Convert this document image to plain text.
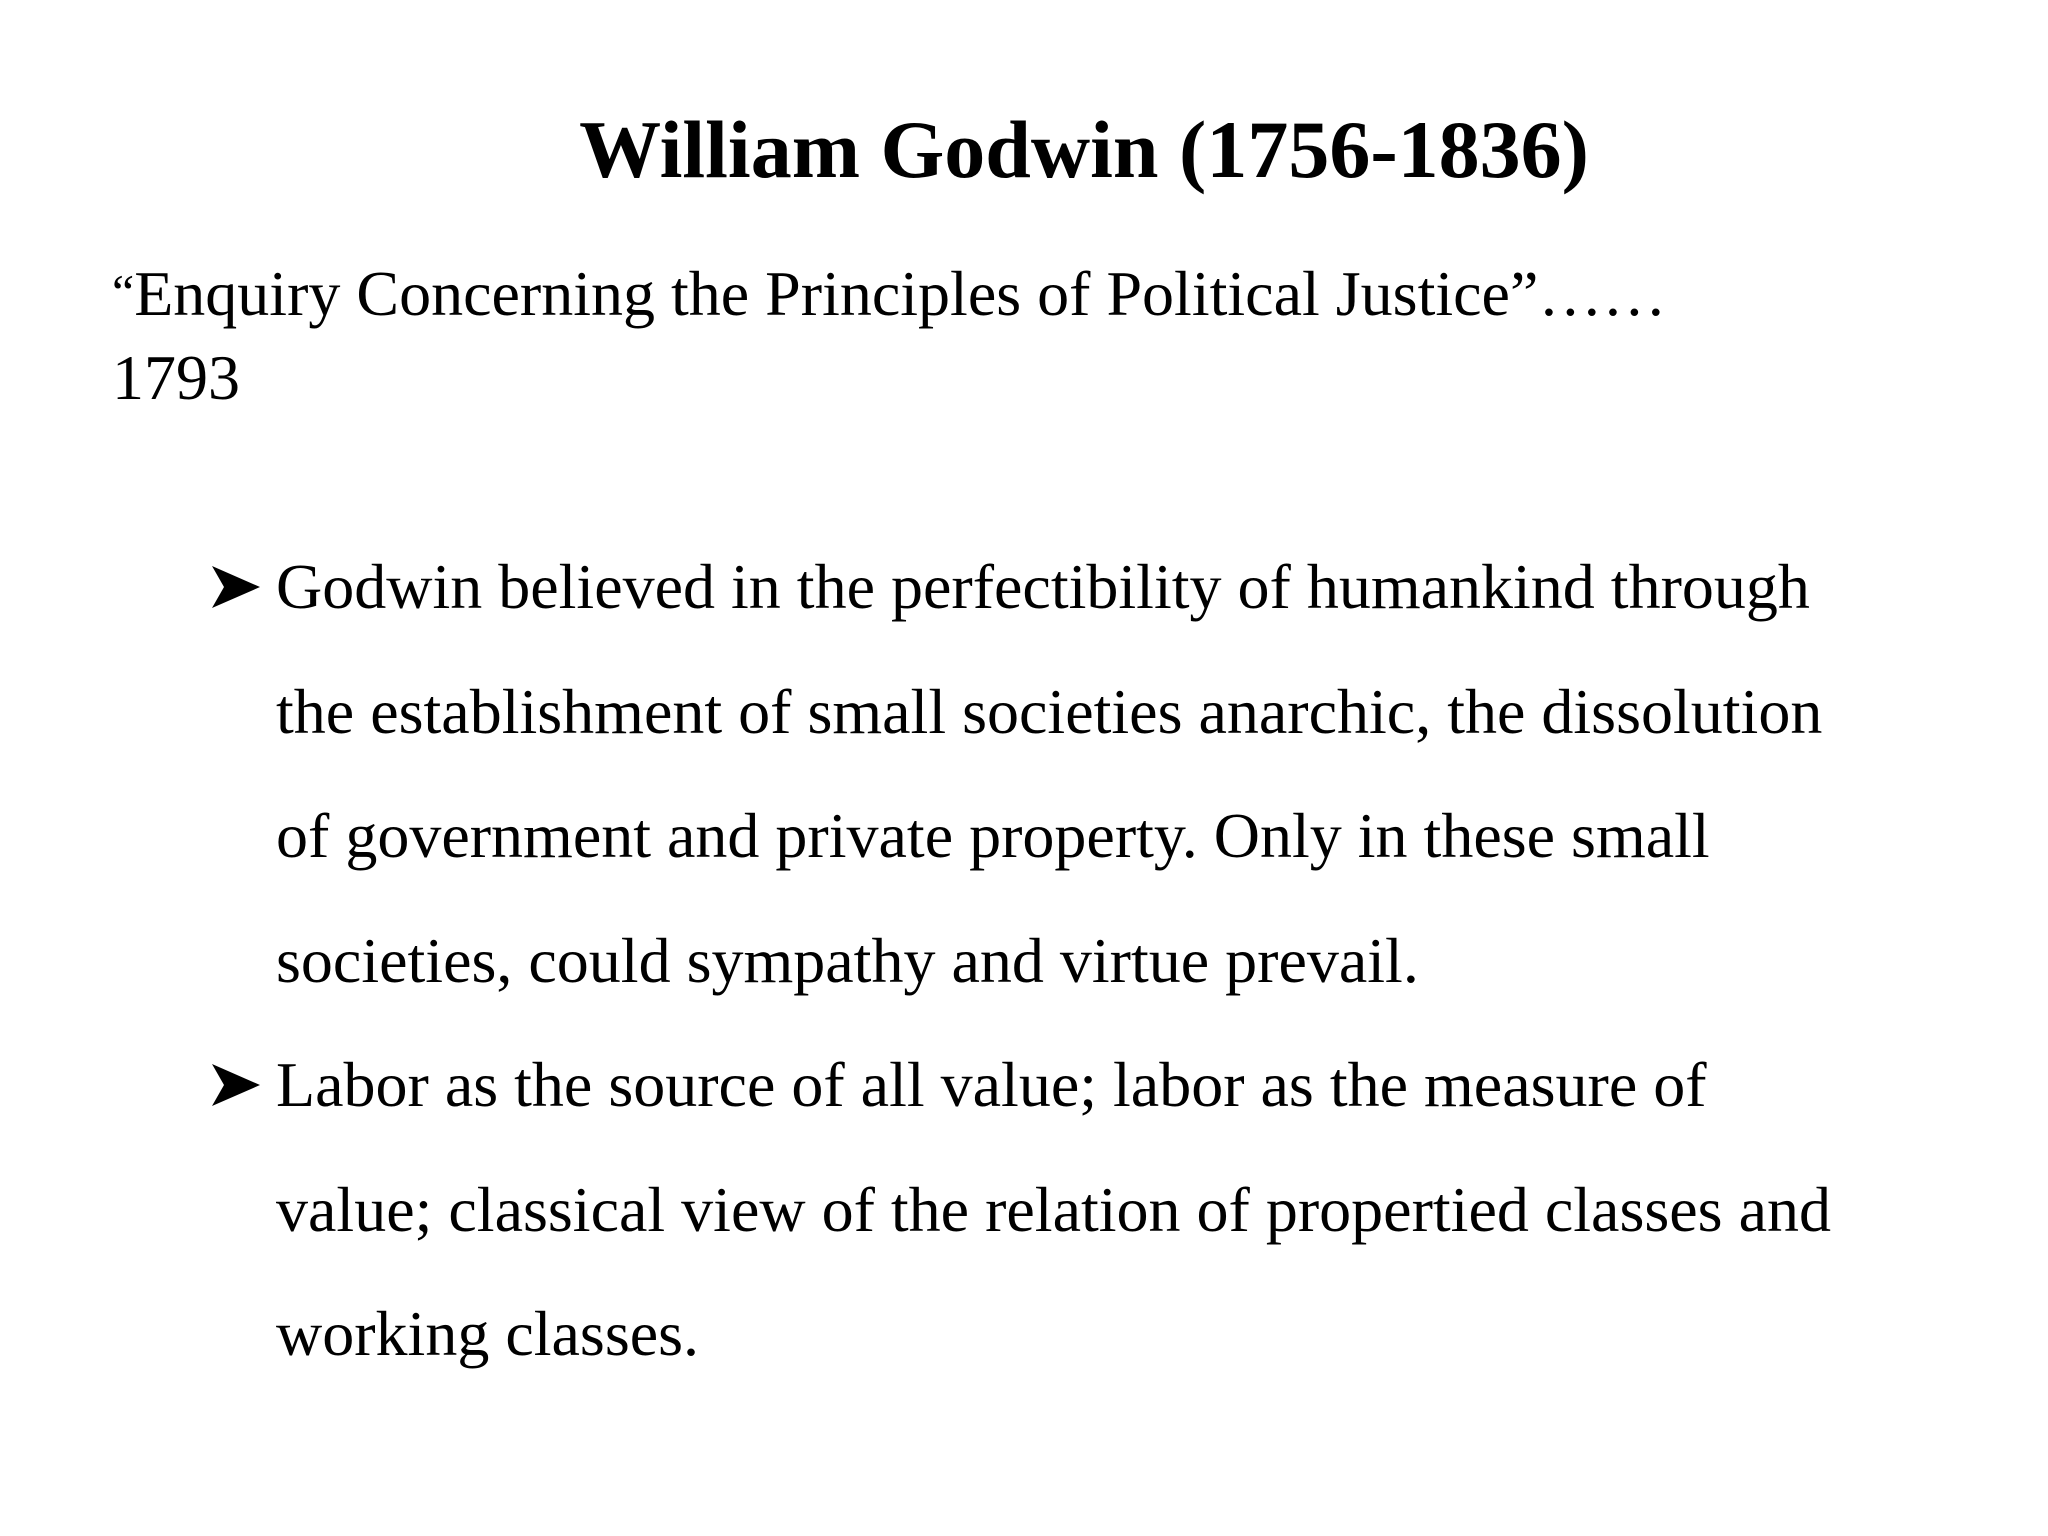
William Godwin (1756-1836)
“Enquiry Concerning the Principles of Political Justice”……
1793
Godwin believed in the perfectibility of humankind through the establishment of small societies anarchic, the dissolution of government and private property. Only in these small societies, could sympathy and virtue prevail.
Labor as the source of all value; labor as the measure of value; classical view of the relation of propertied classes and working classes.
